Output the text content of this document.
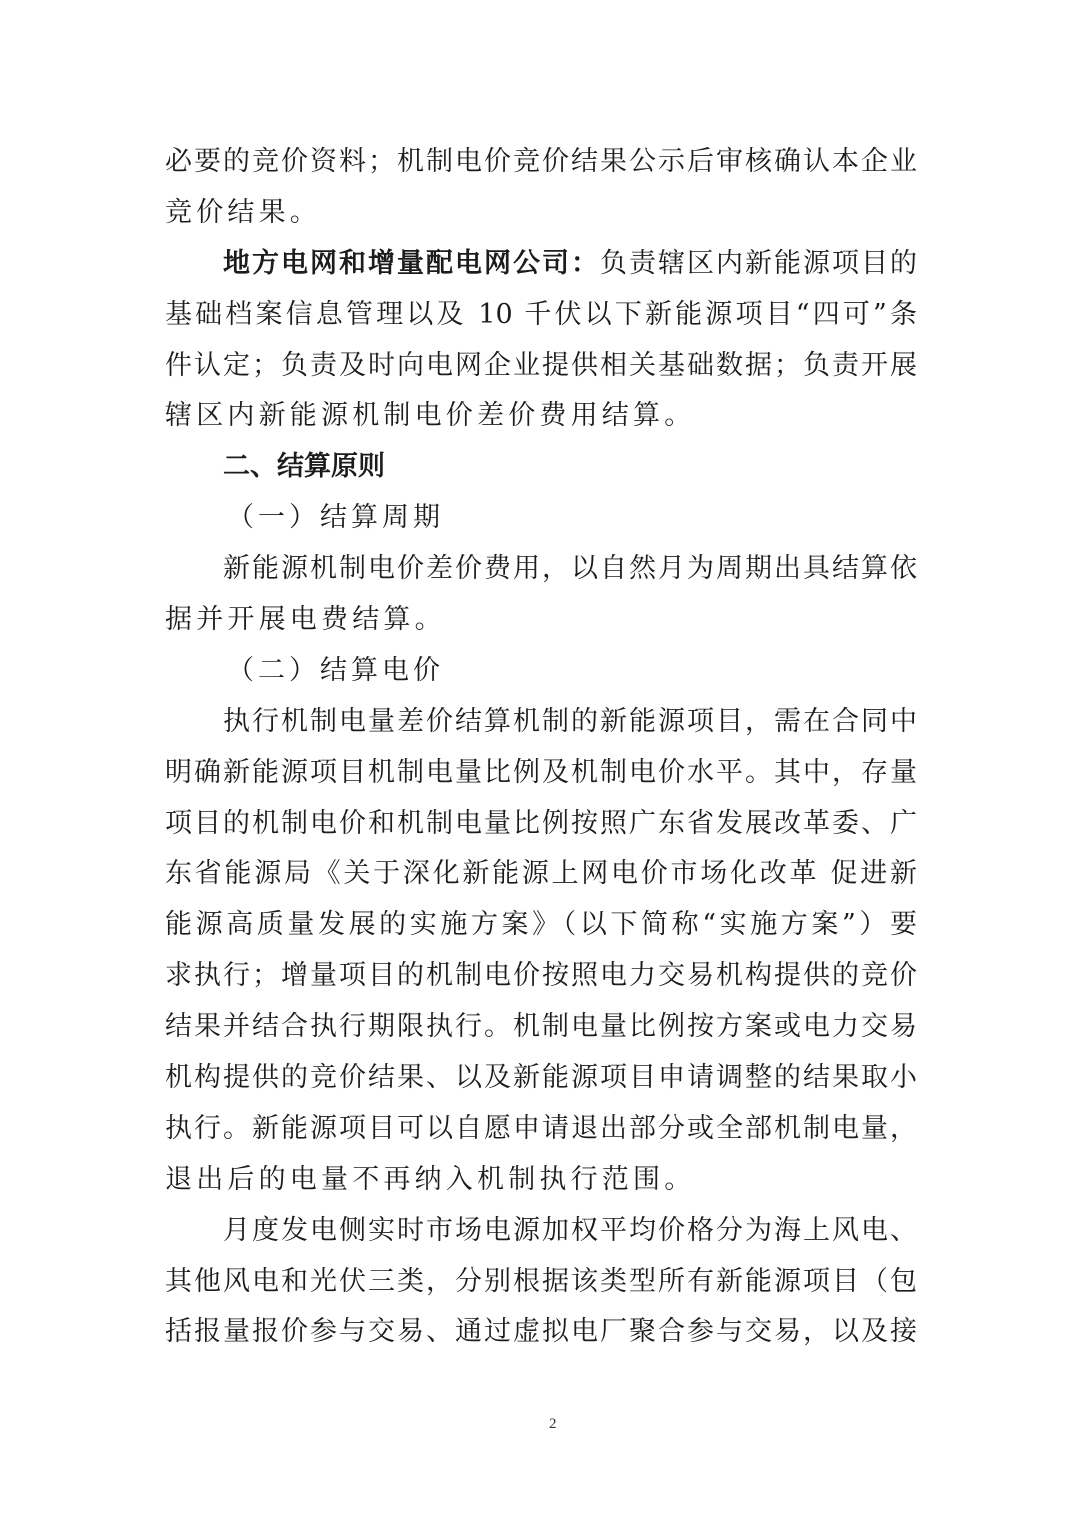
必要的竞价资料；机制电价竞价结果公示后审核确认本企业
竞价结果。
地方电网和增量配电网公司：负责辖区内新能源项目的
基础档案信息管理以及 10 千伏以下新能源项目“四可”条
件认定；负责及时向电网企业提供相关基础数据；负责开展
辖区内新能源机制电价差价费用结算。
二、结算原则
（一）结算周期
新能源机制电价差价费用，以自然月为周期出具结算依
据并开展电费结算。
（二）结算电价
执行机制电量差价结算机制的新能源项目，需在合同中
明确新能源项目机制电量比例及机制电价水平。其中，存量
项目的机制电价和机制电量比例按照广东省发展改革委、广
东省能源局《关于深化新能源上网电价市场化改革 促进新
能源高质量发展的实施方案》（以下简称“实施方案”）要
求执行；增量项目的机制电价按照电力交易机构提供的竞价
结果并结合执行期限执行。机制电量比例按方案或电力交易
机构提供的竞价结果、以及新能源项目申请调整的结果取小
执行。新能源项目可以自愿申请退出部分或全部机制电量，
退出后的电量不再纳入机制执行范围。
月度发电侧实时市场电源加权平均价格分为海上风电、
其他风电和光伏三类，分别根据该类型所有新能源项目（包
括报量报价参与交易、通过虚拟电厂聚合参与交易，以及接
2
